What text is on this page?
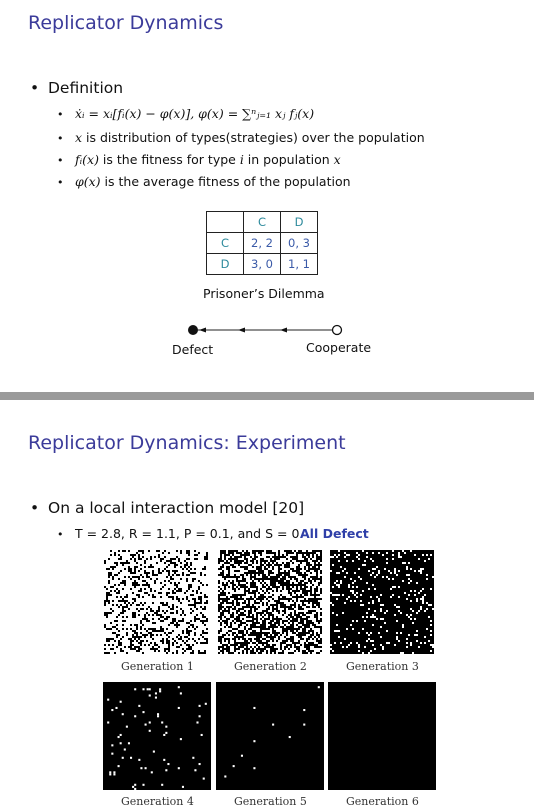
Replicator Dynamics
• Definition
• ẋᵢ = xᵢ[fᵢ(x) − φ(x)], φ(x) = ∑ⁿⱼ₌₁ xⱼ fⱼ(x)
• x is distribution of types(strategies) over the population
• fᵢ(x) is the fitness for type i in population x
• φ(x) is the average fitness of the population
	C	D
C	2, 2	0, 3
D	3, 0	1, 1
Prisoner’s Dilemma
Defect	Cooperate
Replicator Dynamics: Experiment
• On a local interaction model [20]
• T = 2.8, R = 1.1, P = 0.1, and S = 0 All Defect
Generation 1	Generation 2	Generation 3
Generation 4	Generation 5	Generation 6
